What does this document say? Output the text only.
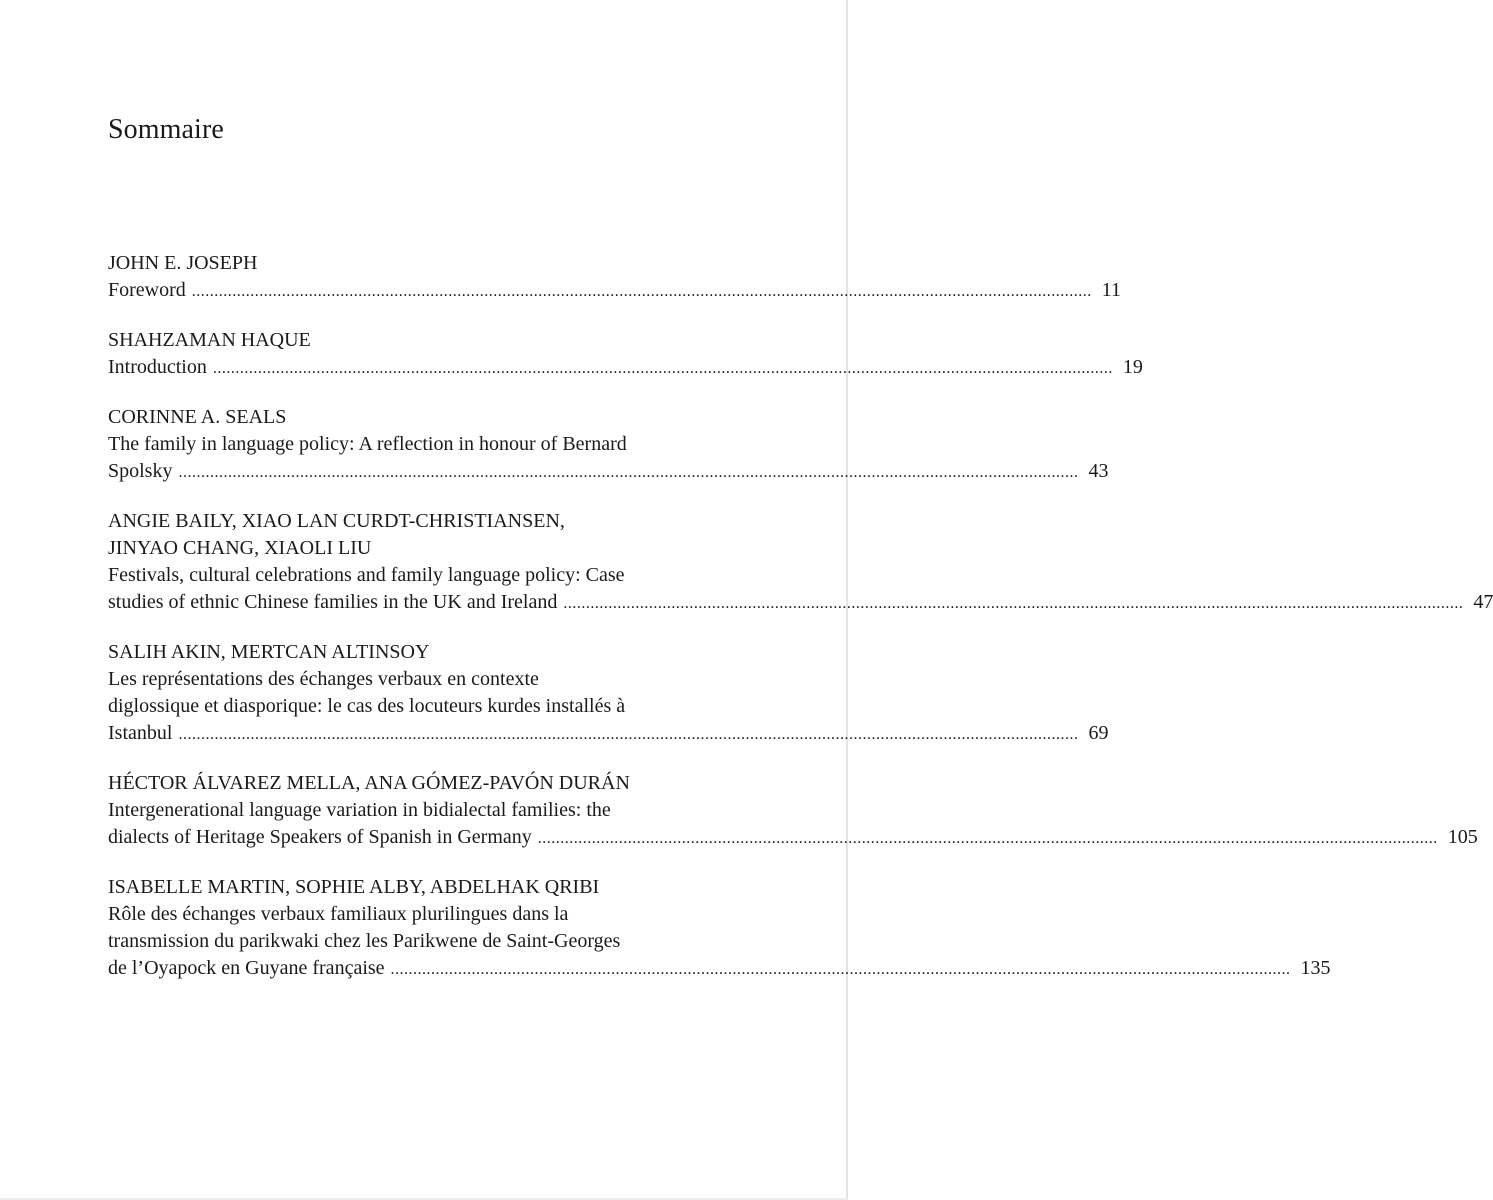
Sommaire
JOHN E. JOSEPH
Foreword ........................................................................................................................................................................................................ 11
SHAHZAMAN HAQUE
Introduction ........................................................................................................................................................................................................ 19
CORINNE A. SEALS
The family in language policy: A reflection in honour of Bernard
Spolsky ........................................................................................................................................................................................................ 43
ANGIE BAILY, XIAO LAN CURDT-CHRISTIANSEN,
JINYAO CHANG, XIAOLI LIU
Festivals, cultural celebrations and family language policy: Case
studies of ethnic Chinese families in the UK and Ireland ........................................................................................................................................................................................................ 47
SALIH AKIN, MERTCAN ALTINSOY
Les représentations des échanges verbaux en contexte
diglossique et diasporique: le cas des locuteurs kurdes installés à
Istanbul ........................................................................................................................................................................................................ 69
HÉCTOR ÁLVAREZ MELLA, ANA GÓMEZ-PAVÓN DURÁN
Intergenerational language variation in bidialectal families: the
dialects of Heritage Speakers of Spanish in Germany ........................................................................................................................................................................................................ 105
ISABELLE MARTIN, SOPHIE ALBY, ABDELHAK QRIBI
Rôle des échanges verbaux familiaux plurilingues dans la
transmission du parikwaki chez les Parikwene de Saint-Georges
de l’Oyapock en Guyane française ........................................................................................................................................................................................................ 135
